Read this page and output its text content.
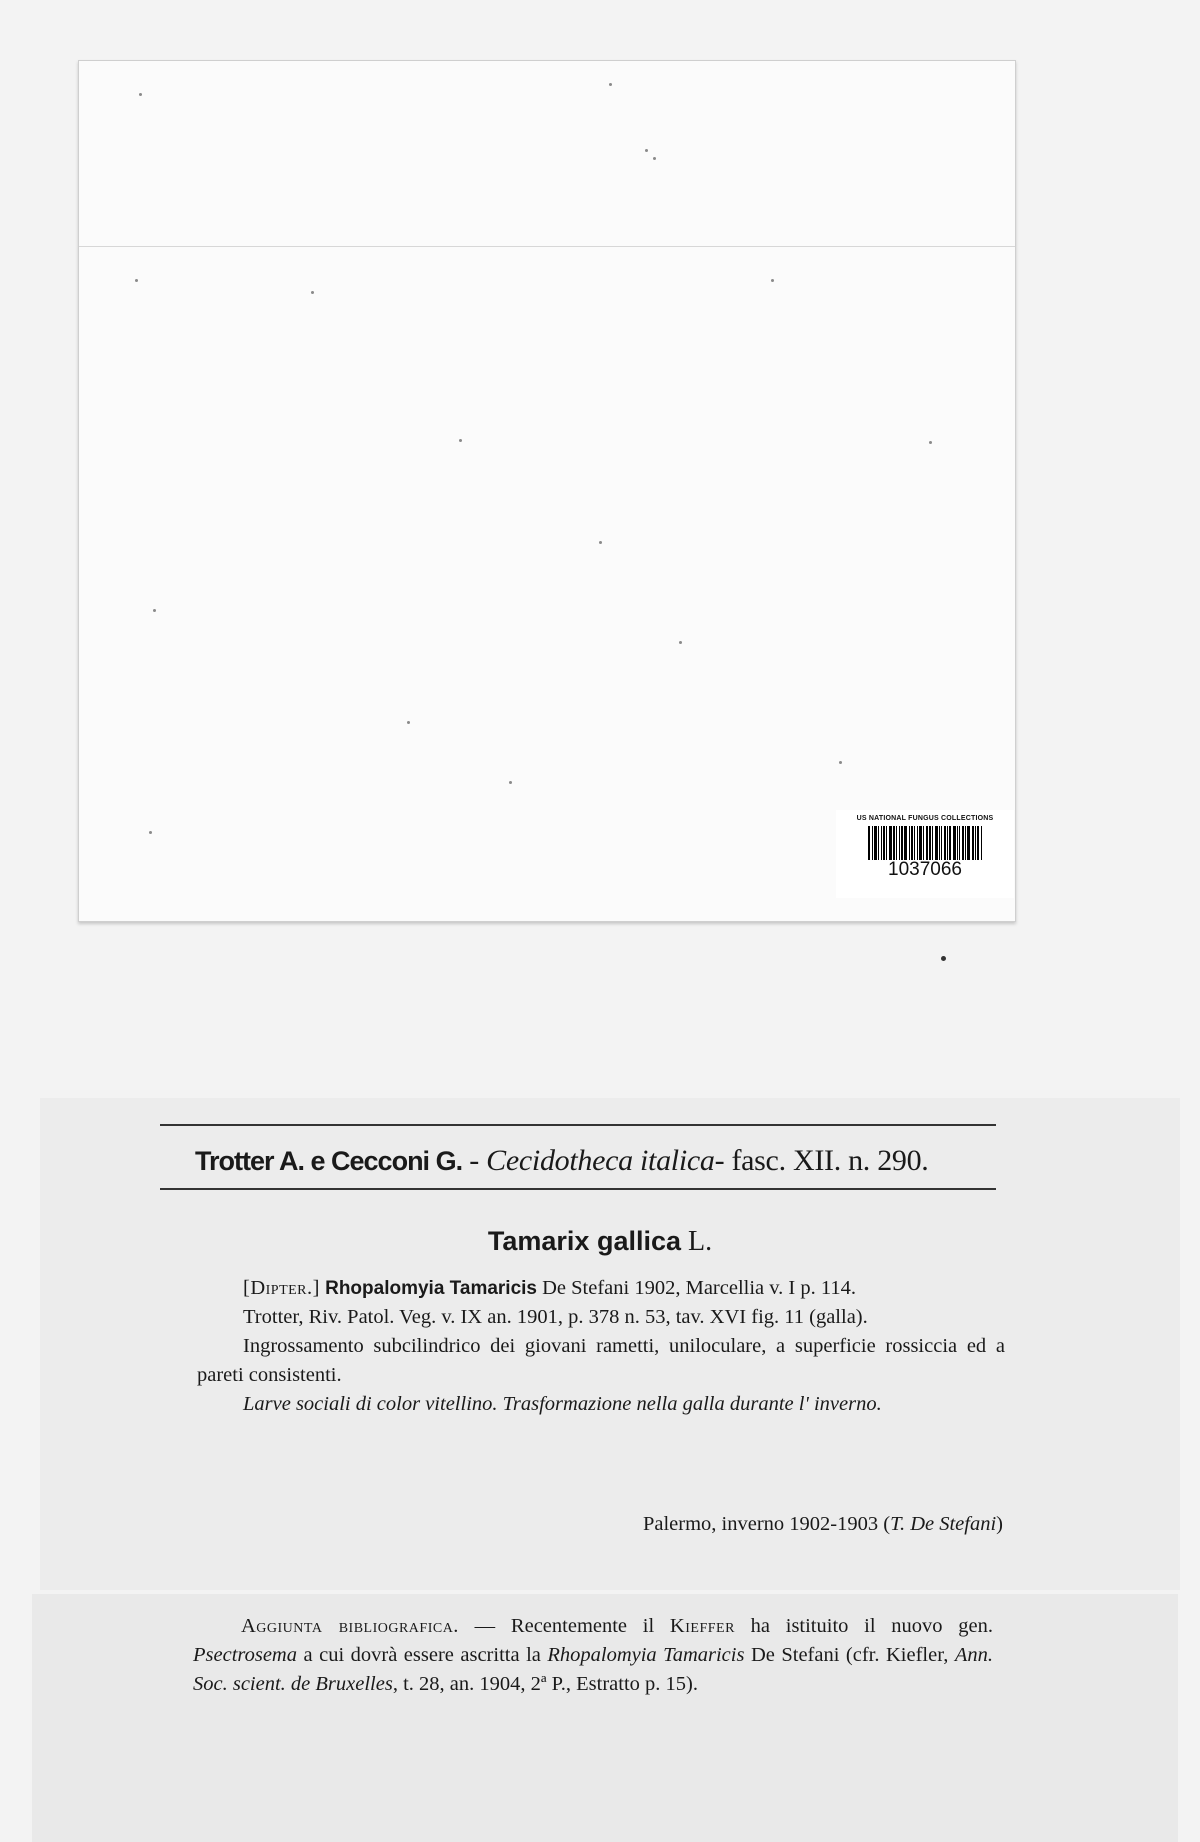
US NATIONAL FUNGUS COLLECTIONS
1037066
Trotter A. e Cecconi G. - Cecidotheca italica- fasc. XII. n. 290.
Tamarix gallica L.

[Dipter.] Rhopalomyia Tamaricis De Stefani 1902, Marcellia v. I p. 114.

Trotter, Riv. Patol. Veg. v. IX an. 1901, p. 378 n. 53, tav. XVI fig. 11 (galla).

Ingrossamento subcilindrico dei giovani rametti, uniloculare, a superficie rossiccia ed a pareti consistenti.

Larve sociali di color vitellino. Trasformazione nella galla durante l' inverno.

Palermo, inverno 1902-1903 (T. De Stefani)

Aggiunta bibliografica. — Recentemente il Kieffer ha istituito il nuovo gen. Psectrosema a cui dovrà essere ascritta la Rhopalomyia Tamaricis De Stefani (cfr. Kiefler, Ann. Soc. scient. de Bruxelles, t. 28, an. 1904, 2ª P., Estratto p. 15).
